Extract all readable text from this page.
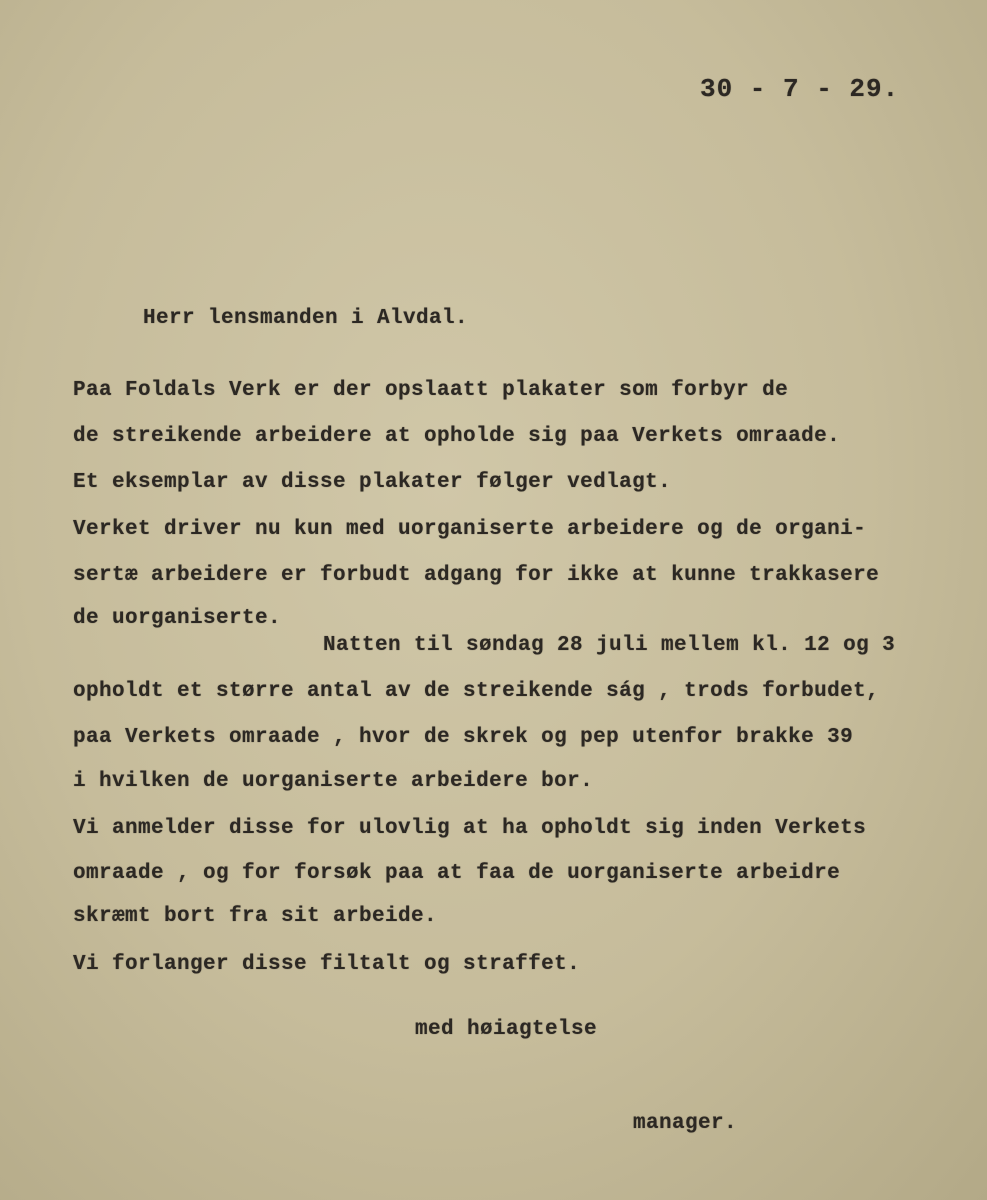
30 - 7 - 29.
Herr lensmanden i Alvdal.
Paa Foldals Verk er der opslaatt plakater som forbyr de
de streikende arbeidere at opholde sig paa Verkets omraade.
Et eksemplar av disse plakater følger vedlagt.
Verket driver nu kun med uorganiserte arbeidere og de organi-
sertæ arbeidere er forbudt adgang for ikke at kunne trakkasere
de uorganiserte.
Natten til søndag 28 juli mellem kl. 12 og 3
opholdt et større antal av de streikende ság , trods forbudet,
paa Verkets omraade , hvor de skrek og pep utenfor brakke 39
i hvilken de uorganiserte arbeidere bor.
Vi anmelder disse for ulovlig at ha opholdt sig inden Verkets
omraade , og for forsøk paa at faa de uorganiserte arbeidre
skræmt bort fra sit arbeide.
Vi forlanger disse filtalt og straffet.
med høiagtelse
manager.
